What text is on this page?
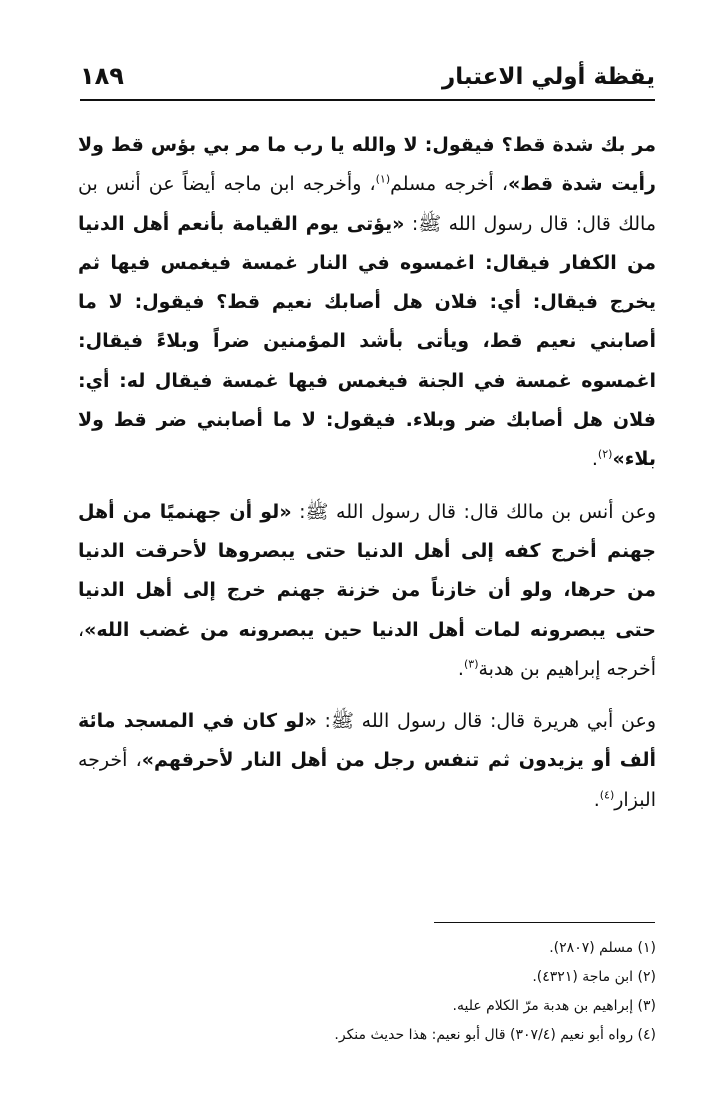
يقظة أولي الاعتبار
١٨٩

مر بك شدة قط؟ فيقول: لا والله يا رب ما مر بي بؤس قط ولا رأيت شدة قط»، أخرجه مسلم$^{(١)}$، وأخرجه ابن ماجه أيضاً عن أنس بن مالك قال: قال رسول الله ﷺ: «يؤتى يوم القيامة بأنعم أهل الدنيا من الكفار فيقال: اغمسوه في النار غمسة فيغمس فيها ثم يخرج فيقال: أي: فلان هل أصابك نعيم قط؟ فيقول: لا ما أصابني نعيم قط، ويأتى بأشد المؤمنين ضراً وبلاءً فيقال: اغمسوه غمسة في الجنة فيغمس فيها غمسة فيقال له: أي: فلان هل أصابك ضر وبلاء. فيقول: لا ما أصابني ضر قط ولا بلاء»$^{(٢)}$.

وعن أنس بن مالك قال: قال رسول الله ﷺ: «لو أن جهنميًا من أهل جهنم أخرج كفه إلى أهل الدنيا حتى يبصروها لأحرقت الدنيا من حرها، ولو أن خازناً من خزنة جهنم خرج إلى أهل الدنيا حتى يبصرونه لمات أهل الدنيا حين يبصرونه من غضب الله»، أخرجه إبراهيم بن هدبة$^{(٣)}$.

وعن أبي هريرة قال: قال رسول الله ﷺ: «لو كان في المسجد مائة ألف أو يزيدون ثم تنفس رجل من أهل النار لأحرقهم»، أخرجه البزار$^{(٤)}$.

(١) مسلم (٢٨٠٧).

(٢) ابن ماجة (٤٣٢١).

(٣) إبراهيم بن هدبة مرّ الكلام عليه.

(٤) رواه أبو نعيم (٣٠٧/٤) قال أبو نعيم: هذا حديث منكر.
